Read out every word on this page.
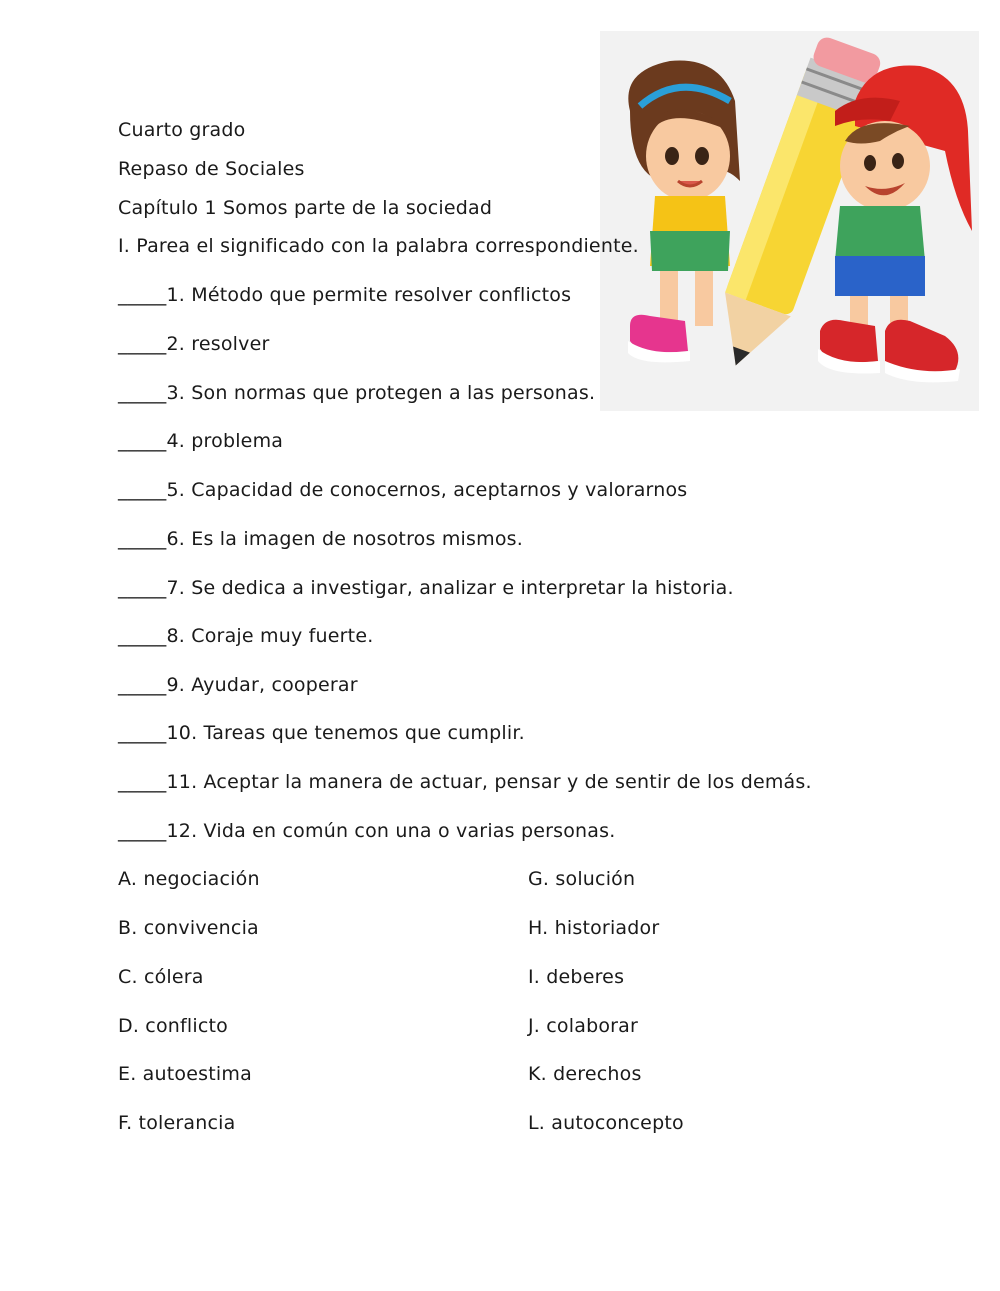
Cuarto grado
Repaso de Sociales
Capítulo 1 Somos parte de la sociedad
I. Parea el significado con la palabra correspondiente.
_____1. Método que permite resolver conflictos
_____2. resolver
_____3. Son normas que protegen a las personas.
_____4. problema
_____5. Capacidad de conocernos, aceptarnos y valorarnos
_____6. Es la imagen de nosotros mismos.
_____7. Se dedica a investigar, analizar e interpretar la historia.
_____8. Coraje muy fuerte.
_____9. Ayudar, cooperar
_____10. Tareas que tenemos que cumplir.
_____11. Aceptar la manera de actuar, pensar y de sentir de los demás.
_____12. Vida en común con una o varias personas.
A. negociación
B. convivencia
C. cólera
D. conflicto
E. autoestima
F. tolerancia
G. solución
H. historiador
I. deberes
J. colaborar
K. derechos
L. autoconcepto
